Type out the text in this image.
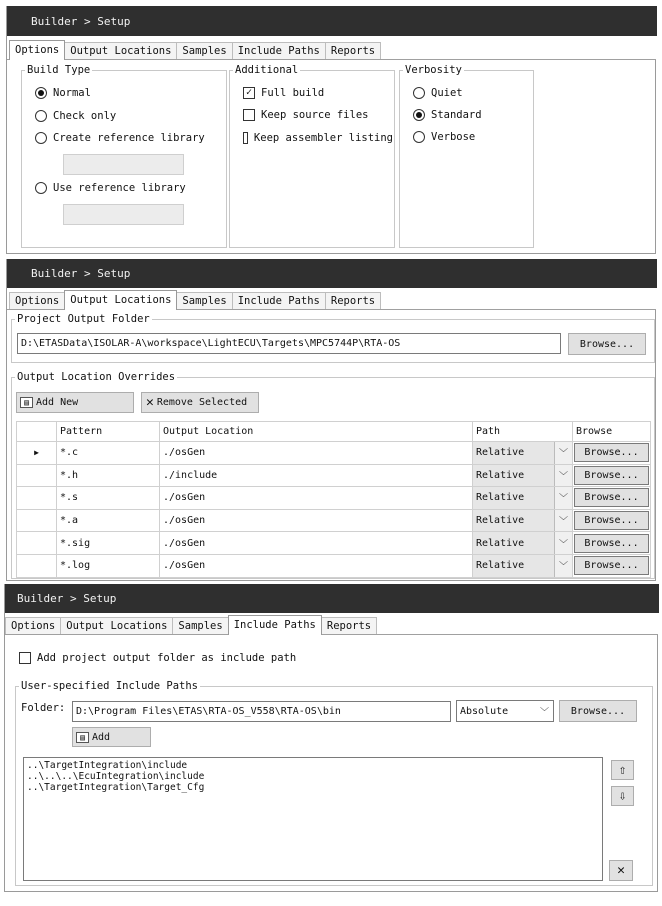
Builder > Setup
Options	Output Locations	Samples	Include Paths	Reports
Build Type
Normal
Check only
Create reference library
Use reference library
Additional
✓ Full build
Keep source files
Keep assembler listing
Verbosity
Quiet
Standard
Verbose
Builder > Setup
Options	Output Locations	Samples	Include Paths	Reports
Project Output Folder
D:\ETASData\ISOLAR-A\workspace\LightECU\Targets\MPC5744P\RTA-OS	Browse...
Output Location Overrides
▤ Add New	✕ Remove Selected
	Pattern	Output Location	Path	Browse
▶	*.c	./osGen	Relative ﹀	Browse...

	*.h	./include	Relative ﹀	Browse...

	*.s	./osGen	Relative ﹀	Browse...

	*.a	./osGen	Relative ﹀	Browse...

	*.sig	./osGen	Relative ﹀	Browse...

	*.log	./osGen	Relative ﹀	Browse...
Builder > Setup
Options	Output Locations	Samples	Include Paths	Reports
Add project output folder as include path
User-specified Include Paths
Folder:	D:\Program Files\ETAS\RTA-OS_V558\RTA-OS\bin	Absolute	﹀	Browse...
▤ Add
..\TargetIntegration\include
..\..\..\EcuIntegration\include
..\TargetIntegration\Target_Cfg
⇧
⇩
✕
